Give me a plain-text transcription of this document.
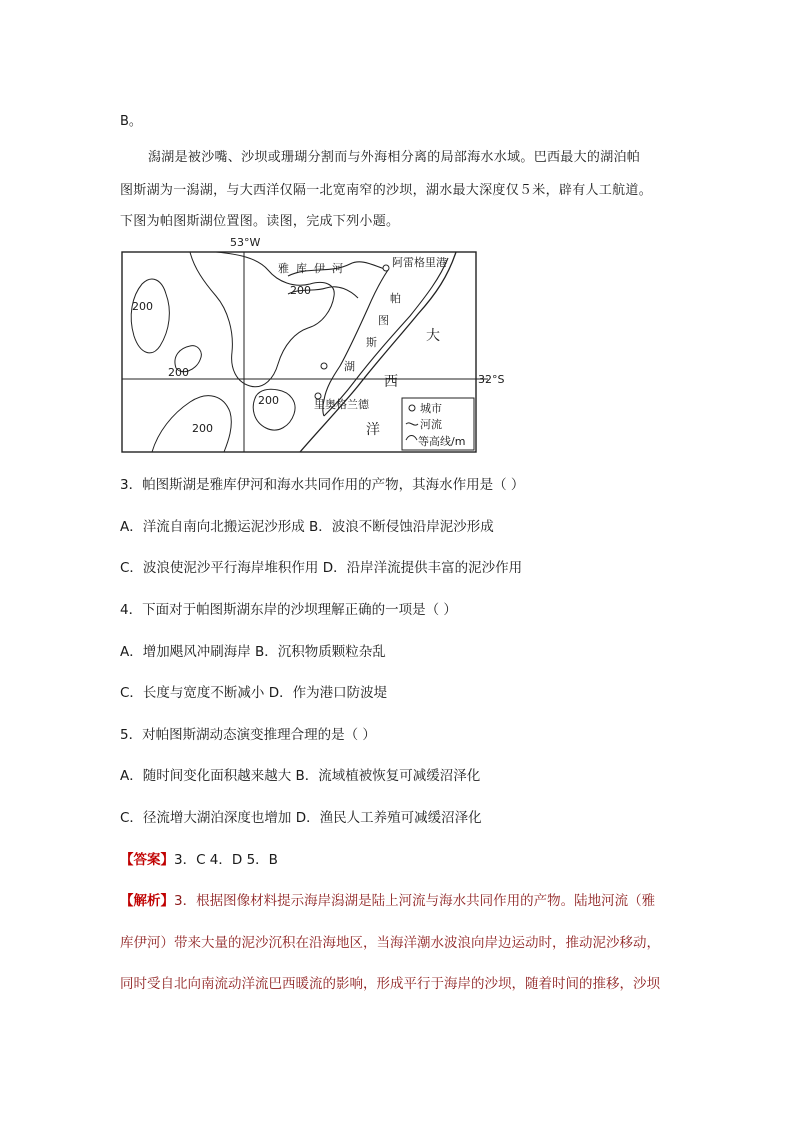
B。
潟湖是被沙嘴、沙坝或珊瑚分割而与外海相分离的局部海水水域。巴西最大的湖泊帕
图斯湖为一潟湖，与大西洋仅隔一北宽南窄的沙坝，湖水最大深度仅５米，辟有人工航道。
下图为帕图斯湖位置图。读图，完成下列小题。
53°W
32°S
200
200
200
200
200
雅 库 伊 河
帕
图
斯
湖
大
西
洋
阿雷格里港
里奥格兰德	城市
河流
等高线/m
3．帕图斯湖是雅库伊河和海水共同作用的产物，其海水作用是（ ）
A．洋流自南向北搬运泥沙形成 B．波浪不断侵蚀沿岸泥沙形成
C．波浪使泥沙平行海岸堆积作用 D．沿岸洋流提供丰富的泥沙作用
4．下面对于帕图斯湖东岸的沙坝理解正确的一项是（ ）
A．增加飓风冲刷海岸 B．沉积物质颗粒杂乱
C．长度与宽度不断减小 D．作为港口防波堤
5．对帕图斯湖动态演变推理合理的是（ ）
A．随时间变化面积越来越大 B．流域植被恢复可减缓沼泽化
C．径流增大湖泊深度也增加 D．渔民人工养殖可减缓沼泽化
【答案】3．C 4．D 5．B
【解析】3．根据图像材料提示海岸潟湖是陆上河流与海水共同作用的产物。陆地河流（雅
库伊河）带来大量的泥沙沉积在沿海地区，当海洋潮水波浪向岸边运动时，推动泥沙移动，
同时受自北向南流动洋流巴西暖流的影响，形成平行于海岸的沙坝，随着时间的推移，沙坝
